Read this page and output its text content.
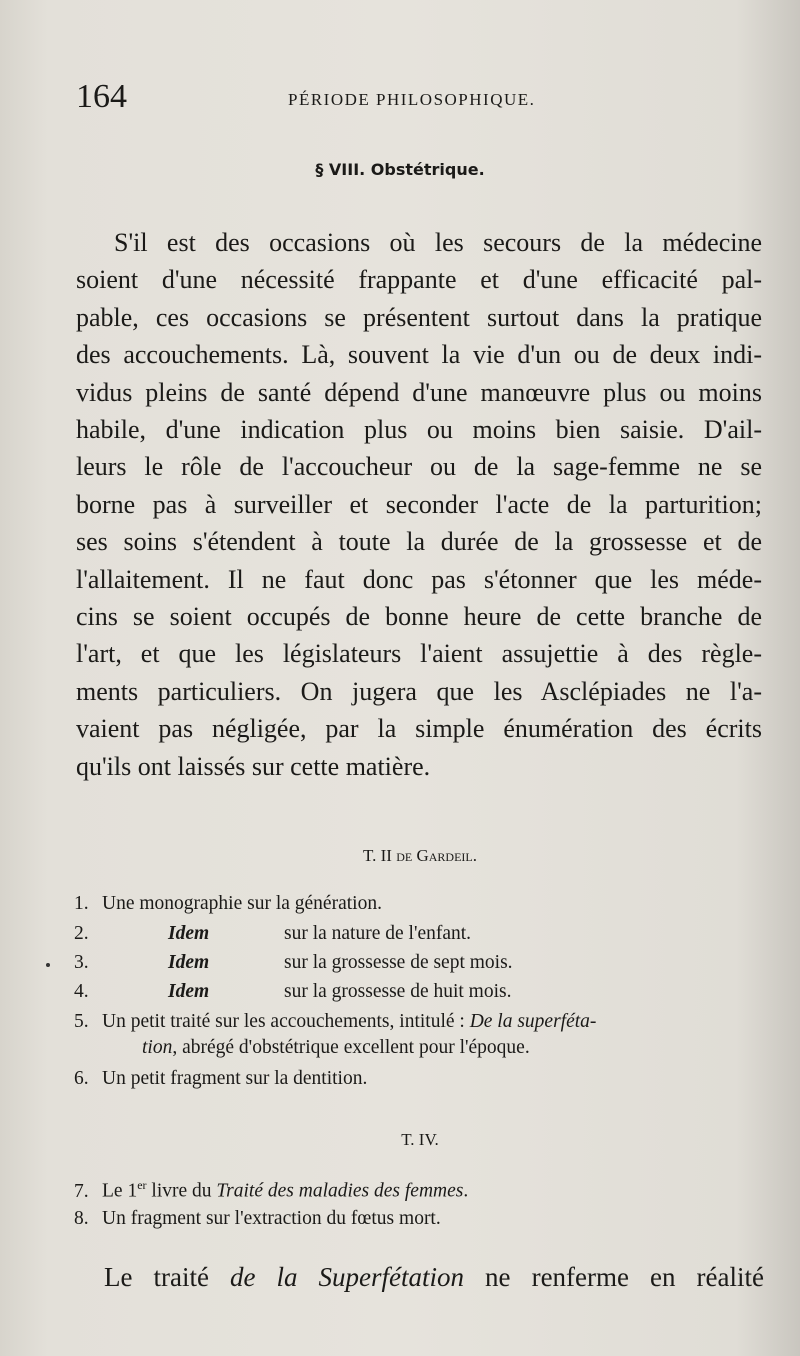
164	PÉRIODE PHILOSOPHIQUE.
§ VIII. Obstétrique.

S'il est des occasions où les secours de la médecine
soient d'une nécessité frappante et d'une efficacité pal-
pable, ces occasions se présentent surtout dans la pratique
des accouchements. Là, souvent la vie d'un ou de deux indi-
vidus pleins de santé dépend d'une manœuvre plus ou moins
habile, d'une indication plus ou moins bien saisie. D'ail-
leurs le rôle de l'accoucheur ou de la sage-femme ne se
borne pas à surveiller et seconder l'acte de la parturition;
ses soins s'étendent à toute la durée de la grossesse et de
l'allaitement. Il ne faut donc pas s'étonner que les méde-
cins se soient occupés de bonne heure de cette branche de
l'art, et que les législateurs l'aient assujettie à des règle-
ments particuliers. On jugera que les Asclépiades ne l'a-
vaient pas négligée, par la simple énumération des écrits
qu'ils ont laissés sur cette matière.

T. II de Gardeil.
1. Une monographie sur la génération.
2.	Idem	sur la nature de l'enfant.
3.	Idem	sur la grossesse de sept mois.
4.	Idem	sur la grossesse de huit mois.
5. Un petit traité sur les accouchements, intitulé : De la superféta-
tion, abrégé d'obstétrique excellent pour l'époque.
6. Un petit fragment sur la dentition.
T. IV.
7. Le 1er livre du Traité des maladies des femmes.
8. Un fragment sur l'extraction du fœtus mort.
Le traité de la Superfétation ne renferme en réalité
